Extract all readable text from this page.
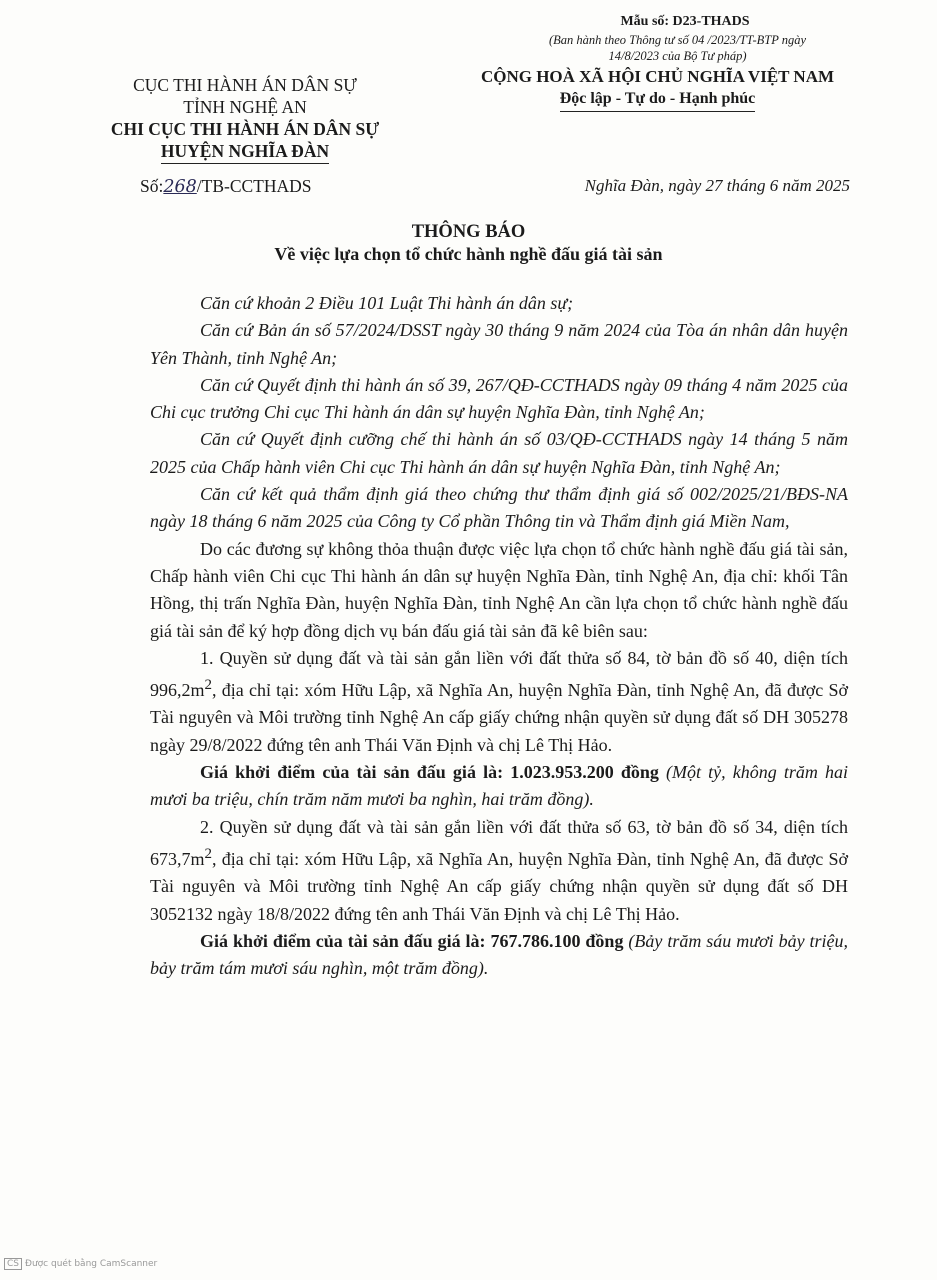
Mẫu số: D23-THADS
(Ban hành theo Thông tư số 04 /2023/TT-BTP ngày
14/8/2023 của Bộ Tư pháp)
CỤC THI HÀNH ÁN DÂN SỰ
TỈNH NGHỆ AN
CHI CỤC THI HÀNH ÁN DÂN SỰ
HUYỆN NGHĨA ĐÀN
CỘNG HOÀ XÃ HỘI CHỦ NGHĨA VIỆT NAM
Độc lập - Tự do - Hạnh phúc
Số:268/TB-CCTHADS	Nghĩa Đàn, ngày 27 tháng 6 năm 2025
THÔNG BÁO
Về việc lựa chọn tổ chức hành nghề đấu giá tài sản

Căn cứ khoản 2 Điều 101 Luật Thi hành án dân sự;

Căn cứ Bản án số 57/2024/DSST ngày 30 tháng 9 năm 2024 của Tòa án nhân dân huyện Yên Thành, tỉnh Nghệ An;

Căn cứ Quyết định thi hành án số 39, 267/QĐ-CCTHADS ngày 09 tháng 4 năm 2025 của Chi cục trưởng Chi cục Thi hành án dân sự huyện Nghĩa Đàn, tỉnh Nghệ An;

Căn cứ Quyết định cưỡng chế thi hành án số 03/QĐ-CCTHADS ngày 14 tháng 5 năm 2025 của Chấp hành viên Chi cục Thi hành án dân sự huyện Nghĩa Đàn, tỉnh Nghệ An;

Căn cứ kết quả thẩm định giá theo chứng thư thẩm định giá số 002/2025/21/BĐS-NA ngày 18 tháng 6 năm 2025 của Công ty Cổ phần Thông tin và Thẩm định giá Miền Nam,

Do các đương sự không thỏa thuận được việc lựa chọn tổ chức hành nghề đấu giá tài sản, Chấp hành viên Chi cục Thi hành án dân sự huyện Nghĩa Đàn, tỉnh Nghệ An, địa chỉ: khối Tân Hồng, thị trấn Nghĩa Đàn, huyện Nghĩa Đàn, tỉnh Nghệ An cần lựa chọn tổ chức hành nghề đấu giá tài sản để ký hợp đồng dịch vụ bán đấu giá tài sản đã kê biên sau:

1. Quyền sử dụng đất và tài sản gắn liền với đất thửa số 84, tờ bản đồ số 40, diện tích $996,2m^2$, địa chỉ tại: xóm Hữu Lập, xã Nghĩa An, huyện Nghĩa Đàn, tỉnh Nghệ An, đã được Sở Tài nguyên và Môi trường tỉnh Nghệ An cấp giấy chứng nhận quyền sử dụng đất số DH 305278 ngày 29/8/2022 đứng tên anh Thái Văn Định và chị Lê Thị Hảo.

Giá khởi điểm của tài sản đấu giá là: 1.023.953.200 đồng (Một tỷ, không trăm hai mươi ba triệu, chín trăm năm mươi ba nghìn, hai trăm đồng).

2. Quyền sử dụng đất và tài sản gắn liền với đất thửa số 63, tờ bản đồ số 34, diện tích $673,7m^2$, địa chỉ tại: xóm Hữu Lập, xã Nghĩa An, huyện Nghĩa Đàn, tỉnh Nghệ An, đã được Sở Tài nguyên và Môi trường tỉnh Nghệ An cấp giấy chứng nhận quyền sử dụng đất số DH 3052132 ngày 18/8/2022 đứng tên anh Thái Văn Định và chị Lê Thị Hảo.

Giá khởi điểm của tài sản đấu giá là: 767.786.100 đồng (Bảy trăm sáu mươi bảy triệu, bảy trăm tám mươi sáu nghìn, một trăm đồng).

CS Được quét bằng CamScanner
